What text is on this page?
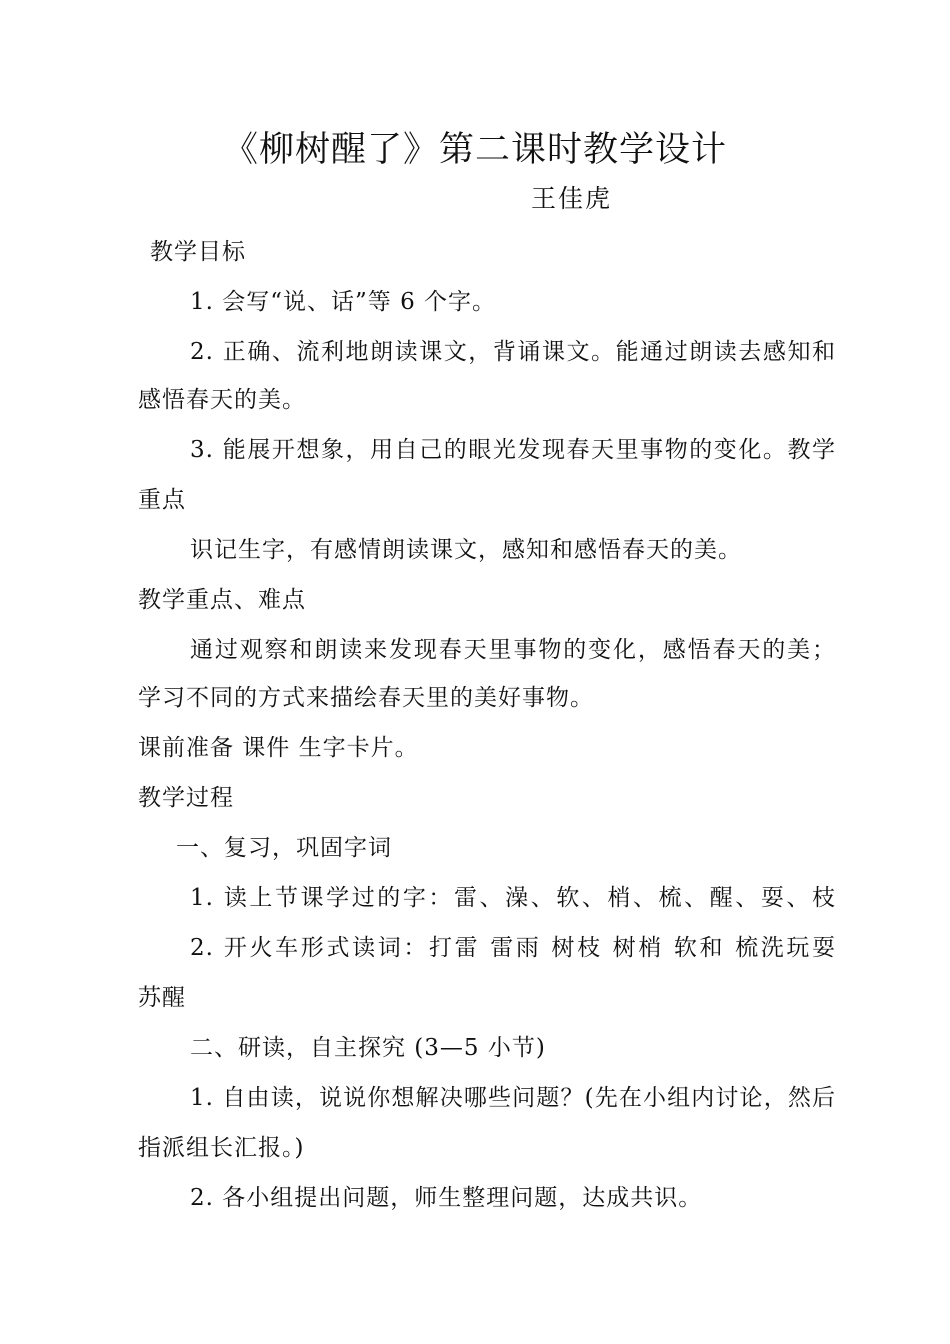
《柳树醒了》第二课时教学设计
王佳虎
教学目标
1. 会写“说、话”等 6 个字。
2. 正确、流利地朗读课文，背诵课文。能通过朗读去感知和
感悟春天的美。
3. 能展开想象，用自己的眼光发现春天里事物的变化。教学
重点
识记生字，有感情朗读课文，感知和感悟春天的美。
教学重点、难点
通过观察和朗读来发现春天里事物的变化，感悟春天的美；
学习不同的方式来描绘春天里的美好事物。
课前准备 课件 生字卡片。
教学过程
一、复习，巩固字词
1. 读上节课学过的字：雷、澡、软、梢、梳、醒、耍、枝
2. 开火车形式读词：打雷 雷雨 树枝 树梢 软和 梳洗玩耍
苏醒
二、研读，自主探究 (3—5 小节)
1. 自由读，说说你想解决哪些问题？(先在小组内讨论，然后
指派组长汇报。)
2. 各小组提出问题，师生整理问题，达成共识。
